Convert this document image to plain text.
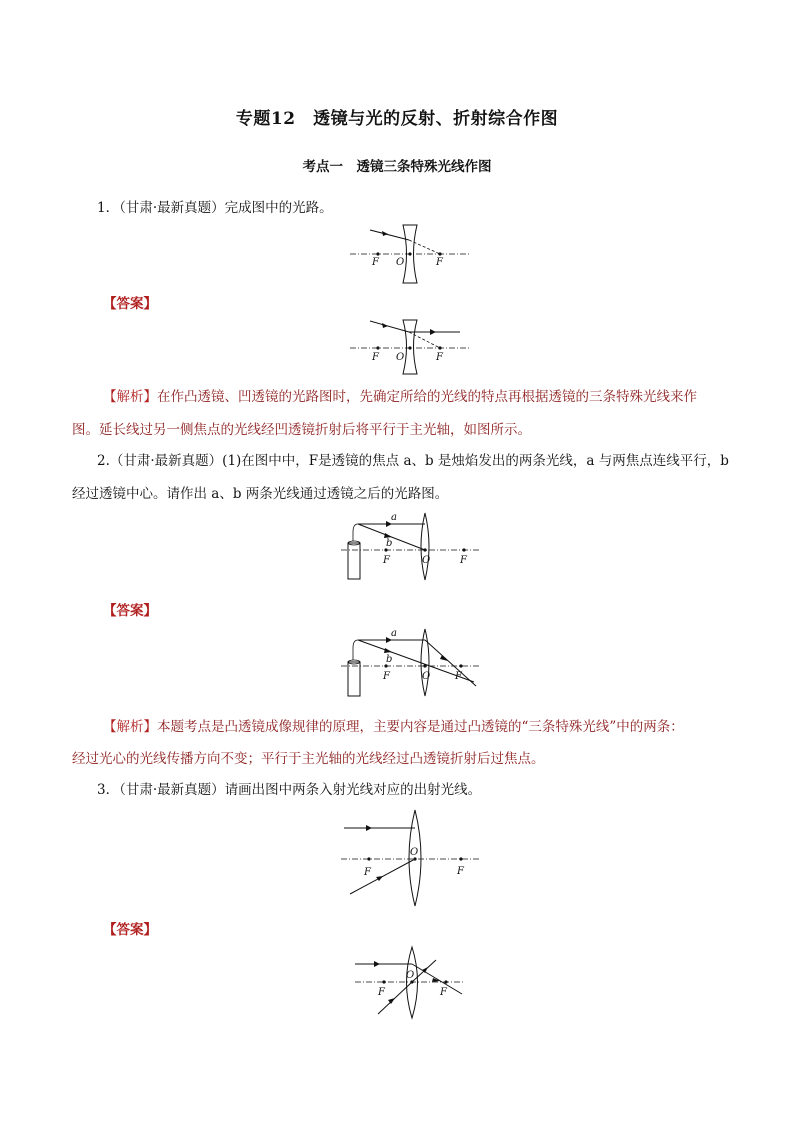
专题12　透镜与光的反射、折射综合作图
考点一　透镜三条特殊光线作图
1．（甘肃·最新真题）完成图中的光路。
F O	F
【答案】
F O	F
【解析】在作凸透镜、凹透镜的光路图时，先确定所给的光线的特点再根据透镜的三条特殊光线来作
图。延长线过另一侧焦点的光线经凹透镜折射后将平行于主光轴，如图所示。
2.（甘肃·最新真题）(1)在图中中，F是透镜的焦点 a、b 是烛焰发出的两条光线，a 与两焦点连线平行，b
经过透镜中心。请作出 a、b 两条光线通过透镜之后的光路图。
a
b
F	O	F
【答案】
a
b
F	O F
【解析】本题考点是凸透镜成像规律的原理，主要内容是通过凸透镜的“三条特殊光线”中的两条：
经过光心的光线传播方向不变；平行于主光轴的光线经过凸透镜折射后过焦点。
3．（甘肃·最新真题）请画出图中两条入射光线对应的出射光线。
O
F	F
【答案】
O
F	F
